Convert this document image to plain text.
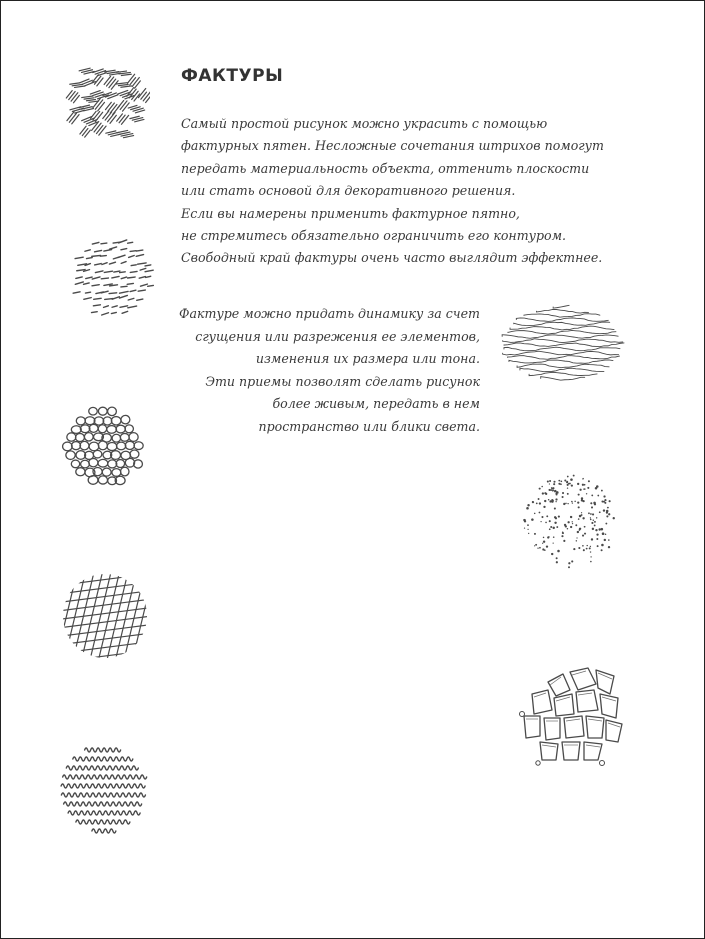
ФАКТУРЫ
Самый простой рисунок можно украсить с помощью
фактурных пятен. Несложные сочетания штрихов помогут
передать материальность объекта, оттенить плоскости
или стать основой для декоративного решения.
Если вы намерены применить фактурное пятно,
не стремитесь обязательно ограничить его контуром.
Свободный край фактуры очень часто выглядит эффектнее.
Фактуре можно придать динамику за счет
сгущения или разрежения ее элементов,
изменения их размера или тона.
Эти приемы позволят сделать рисунок
более живым, передать в нем
пространство или блики света.
